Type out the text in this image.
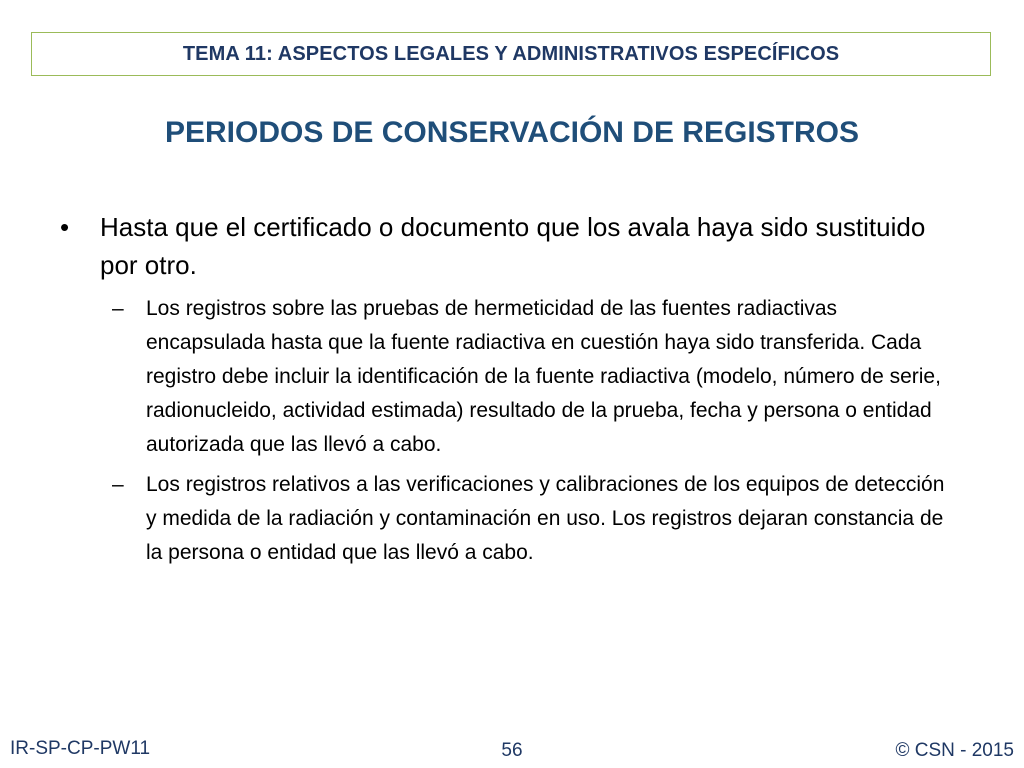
TEMA 11: ASPECTOS LEGALES Y ADMINISTRATIVOS ESPECÍFICOS
PERIODOS DE CONSERVACIÓN DE REGISTROS
•	Hasta que el certificado o documento que los avala haya sido sustituido por otro.
–	Los registros sobre las pruebas de hermeticidad de las fuentes radiactivas encapsulada hasta que la fuente radiactiva en cuestión haya sido transferida. Cada registro debe incluir la identificación de la fuente radiactiva (modelo, número de serie, radionucleido, actividad estimada) resultado de la prueba, fecha y persona o entidad autorizada que las llevó a cabo.
–	Los registros relativos a las verificaciones y calibraciones de los equipos de detección y medida de la radiación y contaminación en uso. Los registros dejaran constancia de la persona o entidad que las llevó a cabo.
IR-SP-CP-PW11	56	© CSN - 2015
